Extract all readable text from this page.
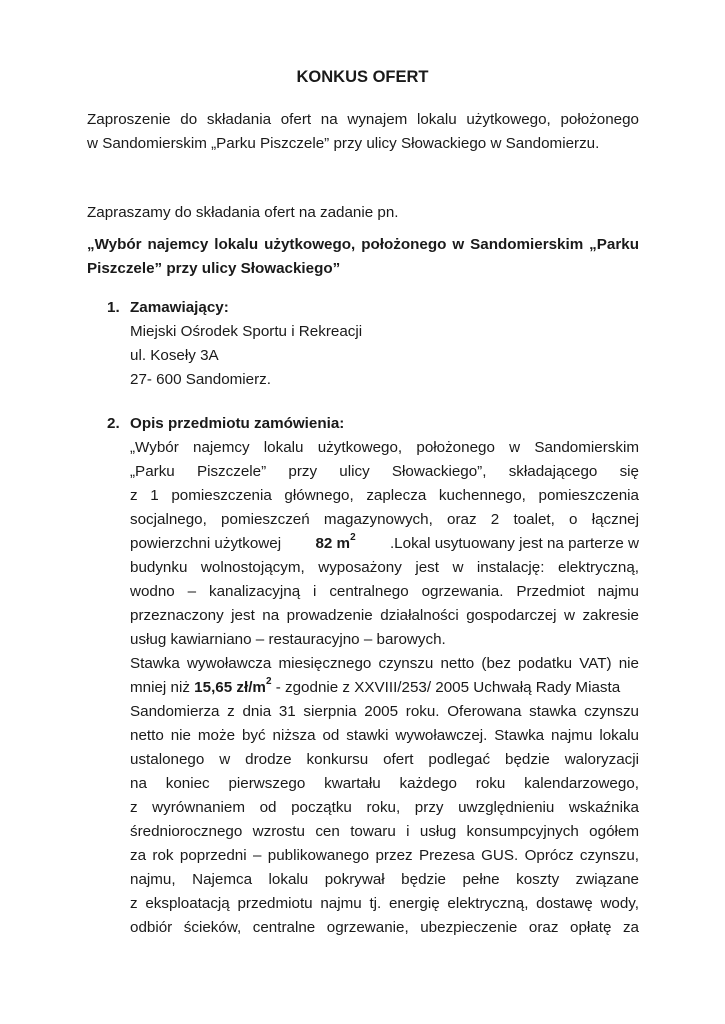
KONKUS OFERT
Zaproszenie do składania ofert na wynajem lokalu użytkowego, położonego
w Sandomierskim „Parku Piszczele” przy ulicy Słowackiego w Sandomierzu.
Zapraszamy do składania ofert na zadanie pn.
„Wybór najemcy lokalu użytkowego, położonego w Sandomierskim „Parku
Piszczele” przy ulicy Słowackiego”
1. Zamawiający:
Miejski Ośrodek Sportu i Rekreacji
ul. Koseły 3A
27- 600 Sandomierz.
2. Opis przedmiotu zamówienia:
„Wybór najemcy lokalu użytkowego, położonego w Sandomierskim
„Parku Piszczele” przy ulicy Słowackiego”, składającego się
z 1 pomieszczenia głównego, zaplecza kuchennego, pomieszczenia
socjalnego, pomieszczeń magazynowych, oraz 2 toalet, o łącznej
powierzchni użytkowej 82 $m^2$ .Lokal usytuowany jest na parterze w
budynku wolnostojącym, wyposażony jest w instalację: elektryczną,
wodno – kanalizacyjną i centralnego ogrzewania. Przedmiot najmu
przeznaczony jest na prowadzenie działalności gospodarczej w zakresie
usług kawiarniano – restauracyjno – barowych.
Stawka wywoławcza miesięcznego czynszu netto (bez podatku VAT) nie
mniej niż 15,65 $zł/m^2$ - zgodnie z XXVIII/253/ 2005 Uchwałą Rady Miasta
Sandomierza z dnia 31 sierpnia 2005 roku. Oferowana stawka czynszu
netto nie może być niższa od stawki wywoławczej. Stawka najmu lokalu
ustalonego w drodze konkursu ofert podlegać będzie waloryzacji
na koniec pierwszego kwartału każdego roku kalendarzowego,
z wyrównaniem od początku roku, przy uwzględnieniu wskaźnika
średniorocznego wzrostu cen towaru i usług konsumpcyjnych ogółem
za rok poprzedni – publikowanego przez Prezesa GUS. Oprócz czynszu,
najmu, Najemca lokalu pokrywał będzie pełne koszty związane
z eksploatacją przedmiotu najmu tj. energię elektryczną, dostawę wody,
odbiór ścieków, centralne ogrzewanie, ubezpieczenie oraz opłatę za
